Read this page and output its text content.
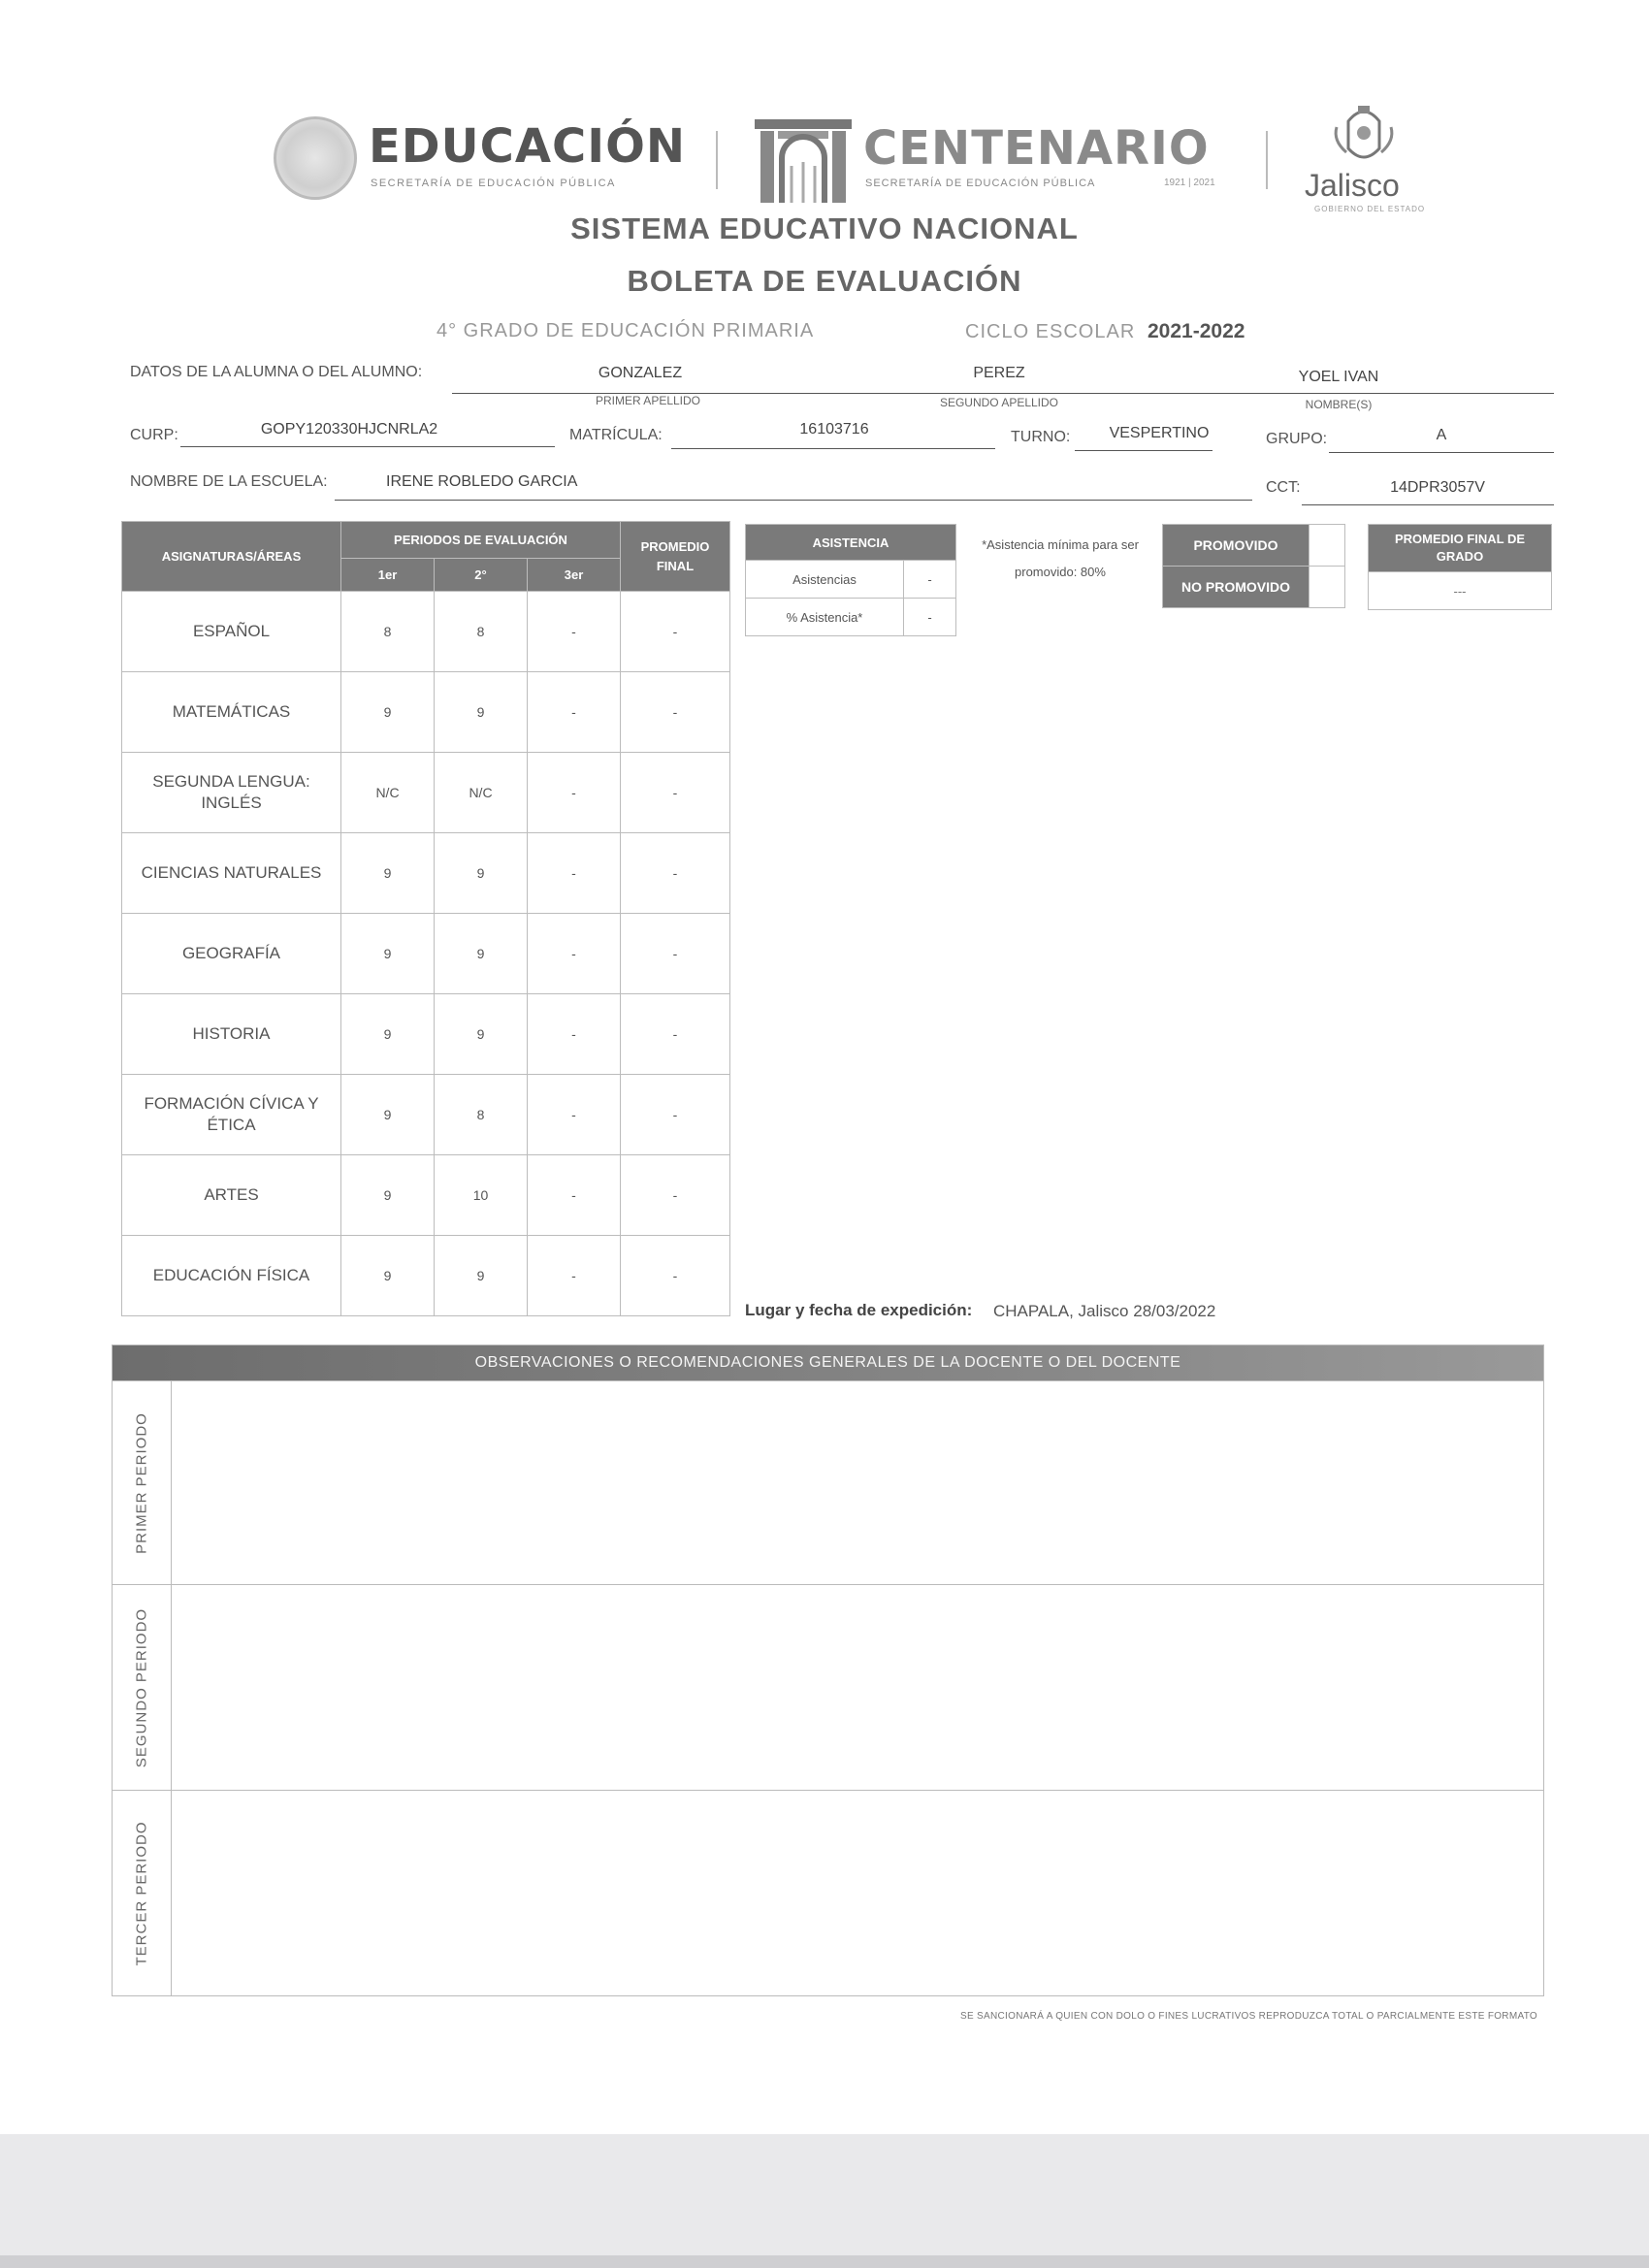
EDUCACIÓN
SECRETARÍA DE EDUCACIÓN PÚBLICA
CENTENARIO
SECRETARÍA DE EDUCACIÓN PÚBLICA	1921 | 2021	Jalisco
GOBIERNO DEL ESTADO
SISTEMA EDUCATIVO NACIONAL
BOLETA DE EVALUACIÓN
4° GRADO DE EDUCACIÓN PRIMARIA	CICLO ESCOLAR 2021-2022
DATOS DE LA ALUMNA O DEL ALUMNO:	GONZALEZ
PRIMER APELLIDO
PEREZ
SEGUNDO APELLIDO
YOEL IVAN
NOMBRE(S)
CURP:	GOPY120330HJCNRLA2	MATRÍCULA:	16103716	TURNO:	VESPERTINO	GRUPO:	A
NOMBRE DE LA ESCUELA:	IRENE ROBLEDO GARCIA	CCT:	14DPR3057V
ASIGNATURAS/ÁREAS	PERIODOS DE EVALUACIÓN			PROMEDIO FINAL
	1er	2°	3er	
ESPAÑOL	8	8	-	-
MATEMÁTICAS	9	9	-	-
SEGUNDA LENGUA: INGLÉS	N/C	N/C	-	-
CIENCIAS NATURALES	9	9	-	-
GEOGRAFÍA	9	9	-	-
HISTORIA	9	9	-	-
FORMACIÓN CÍVICA Y ÉTICA	9	8	-	-
ARTES	9	10	-	-
EDUCACIÓN FÍSICA	9	9	-	-
ASISTENCIA	
Asistencias	-
% Asistencia*	-
*Asistencia mínima para ser promovido: 80%
PROMOVIDO	
NO PROMOVIDO	
PROMEDIO FINAL DE GRADO
---
Lugar y fecha de expedición: CHAPALA, Jalisco 28/03/2022
OBSERVACIONES O RECOMENDACIONES GENERALES DE LA DOCENTE O DEL DOCENTE
PRIMER PERIODO
SEGUNDO PERIODO
TERCER PERIODO
SE SANCIONARÁ A QUIEN CON DOLO O FINES LUCRATIVOS REPRODUZCA TOTAL O PARCIALMENTE ESTE FORMATO
